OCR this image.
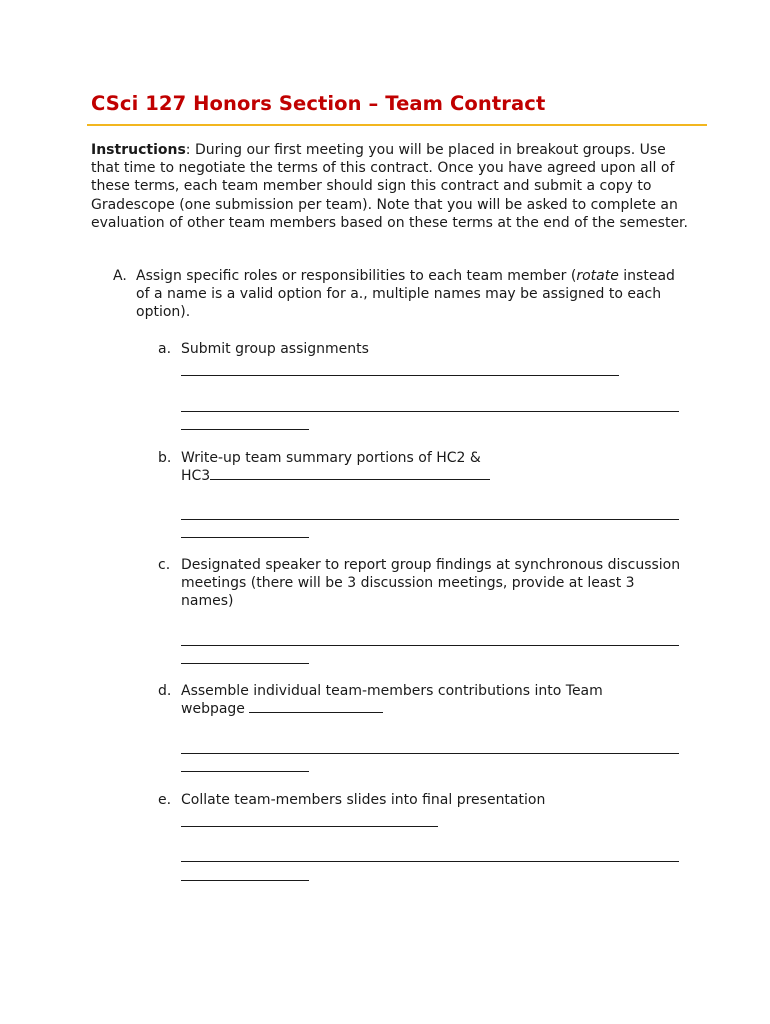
CSci 127 Honors Section – Team Contract

Instructions: During our first meeting you will be placed in breakout groups. Use that time to negotiate the terms of this contract. Once you have agreed upon all of these terms, each team member should sign this contract and submit a copy to Gradescope (one submission per team). Note that you will be asked to complete an evaluation of other team members based on these terms at the end of the semester.

A. Assign specific roles or responsibilities to each team member (rotate instead of a name is a valid option for a., multiple names may be assigned to each option).
a. Submit group assignments
b. Write-up team summary portions of HC2 &
HC3
c. Designated speaker to report group findings at synchronous discussion meetings (there will be 3 discussion meetings, provide at least 3 names)
d. Assemble individual team-members contributions into Team
webpage
e. Collate team-members slides into final presentation
